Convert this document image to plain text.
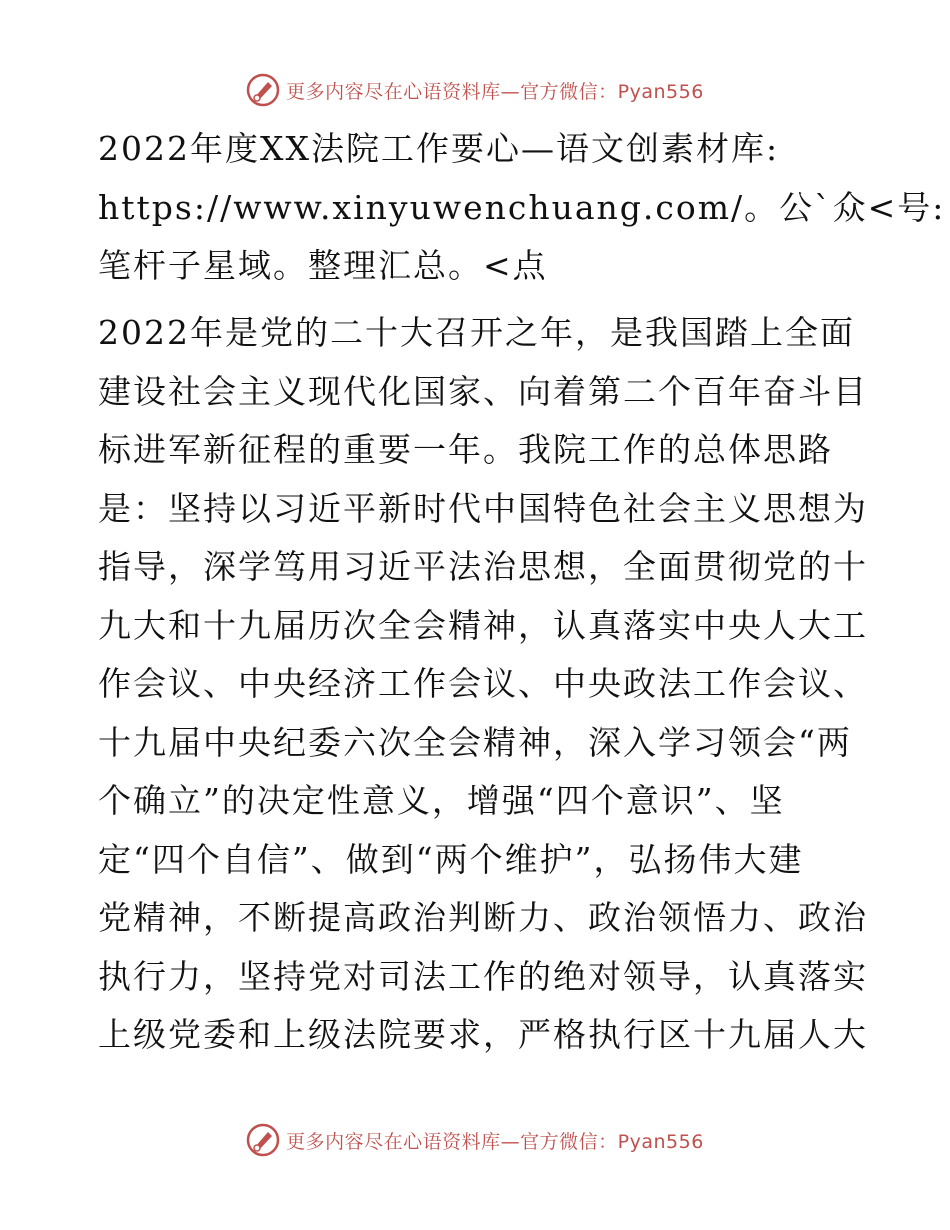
更多内容尽在心语资料库—官方微信：Pyan556

2022年度XX法院工作要心—语文创素材库:
https://www.xinyuwenchuang.com/。公`众<号:
笔杆子星域。整理汇总。<点

2022年是党的二十大召开之年，是我国踏上全面
建设社会主义现代化国家、向着第二个百年奋斗目
标进军新征程的重要一年。我院工作的总体思路
是：坚持以习近平新时代中国特色社会主义思想为
指导，深学笃用习近平法治思想，全面贯彻党的十
九大和十九届历次全会精神，认真落实中央人大工
作会议、中央经济工作会议、中央政法工作会议、
十九届中央纪委六次全会精神，深入学习领会“两
个确立”的决定性意义，增强“四个意识”、坚
定“四个自信”、做到“两个维护”，弘扬伟大建
党精神，不断提高政治判断力、政治领悟力、政治
执行力，坚持党对司法工作的绝对领导，认真落实
上级党委和上级法院要求，严格执行区十九届人大

更多内容尽在心语资料库—官方微信：Pyan556
